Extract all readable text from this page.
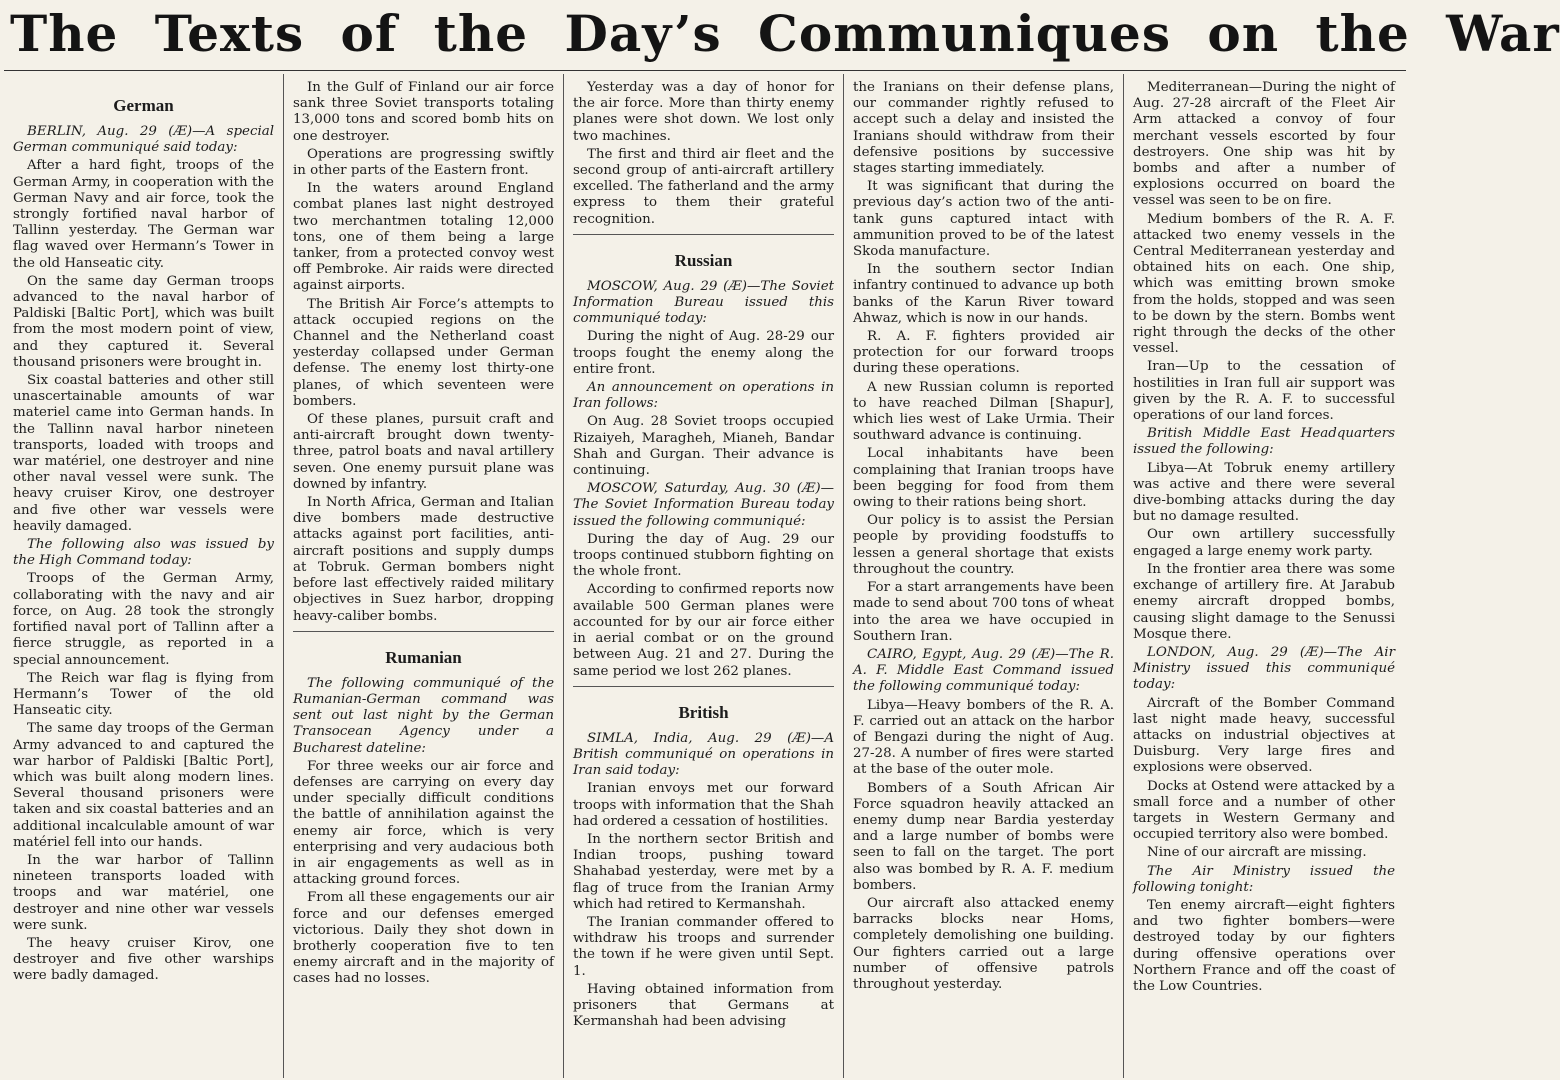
The Texts of the Day’s Communiques on the War
German

BERLIN, Aug. 29 (Æ)—A special German communiqué said today:

After a hard fight, troops of the German Army, in cooperation with the German Navy and air force, took the strongly fortified naval harbor of Tallinn yesterday. The German war flag waved over Hermann’s Tower in the old Hanseatic city.

On the same day German troops advanced to the naval harbor of Paldiski [Baltic Port], which was built from the most modern point of view, and they captured it. Several thousand prisoners were brought in.

Six coastal batteries and other still unascertainable amounts of war materiel came into German hands. In the Tallinn naval harbor nineteen transports, loaded with troops and war matériel, one destroyer and nine other naval vessel were sunk. The heavy cruiser Kirov, one destroyer and five other war vessels were heavily damaged.

The following also was issued by the High Command today:

Troops of the German Army, collaborating with the navy and air force, on Aug. 28 took the strongly fortified naval port of Tallinn after a fierce struggle, as reported in a special announcement.

The Reich war flag is flying from Hermann’s Tower of the old Hanseatic city.

The same day troops of the German Army advanced to and captured the war harbor of Paldiski [Baltic Port], which was built along modern lines. Several thousand prisoners were taken and six coastal batteries and an additional incalculable amount of war matériel fell into our hands.

In the war harbor of Tallinn nineteen transports loaded with troops and war matériel, one destroyer and nine other war vessels were sunk.

The heavy cruiser Kirov, one destroyer and five other warships were badly damaged.

In the Gulf of Finland our air force sank three Soviet transports totaling 13,000 tons and scored bomb hits on one destroyer.

Operations are progressing swiftly in other parts of the Eastern front.

In the waters around England combat planes last night destroyed two merchantmen totaling 12,000 tons, one of them being a large tanker, from a protected convoy west off Pembroke. Air raids were directed against airports.

The British Air Force’s attempts to attack occupied regions on the Channel and the Netherland coast yesterday collapsed under German defense. The enemy lost thirty-one planes, of which seventeen were bombers.

Of these planes, pursuit craft and anti-aircraft brought down twenty-three, patrol boats and naval artillery seven. One enemy pursuit plane was downed by infantry.

In North Africa, German and Italian dive bombers made destructive attacks against port facilities, anti-aircraft positions and supply dumps at Tobruk. German bombers night before last effectively raided military objectives in Suez harbor, dropping heavy-caliber bombs.

Rumanian

The following communiqué of the Rumanian-German command was sent out last night by the German Transocean Agency under a Bucharest dateline:

For three weeks our air force and defenses are carrying on every day under specially difficult conditions the battle of annihilation against the enemy air force, which is very enterprising and very audacious both in air engagements as well as in attacking ground forces.

From all these engagements our air force and our defenses emerged victorious. Daily they shot down in brotherly cooperation five to ten enemy aircraft and in the majority of cases had no losses.

Yesterday was a day of honor for the air force. More than thirty enemy planes were shot down. We lost only two machines.

The first and third air fleet and the second group of anti-aircraft artillery excelled. The fatherland and the army express to them their grateful recognition.

Russian

MOSCOW, Aug. 29 (Æ)—The Soviet Information Bureau issued this communiqué today:

During the night of Aug. 28-29 our troops fought the enemy along the entire front.

An announcement on operations in Iran follows:

On Aug. 28 Soviet troops occupied Rizaiyeh, Maragheh, Mianeh, Bandar Shah and Gurgan. Their advance is continuing.

MOSCOW, Saturday, Aug. 30 (Æ)—The Soviet Information Bureau today issued the following communiqué:

During the day of Aug. 29 our troops continued stubborn fighting on the whole front.

According to confirmed reports now available 500 German planes were accounted for by our air force either in aerial combat or on the ground between Aug. 21 and 27. During the same period we lost 262 planes.

British

SIMLA, India, Aug. 29 (Æ)—A British communiqué on operations in Iran said today:

Iranian envoys met our forward troops with information that the Shah had ordered a cessation of hostilities.

In the northern sector British and Indian troops, pushing toward Shahabad yesterday, were met by a flag of truce from the Iranian Army which had retired to Kermanshah.

The Iranian commander offered to withdraw his troops and surrender the town if he were given until Sept. 1.

Having obtained information from prisoners that Germans at Kermanshah had been advising

the Iranians on their defense plans, our commander rightly refused to accept such a delay and insisted the Iranians should withdraw from their defensive positions by successive stages starting immediately.

It was significant that during the previous day’s action two of the anti-tank guns captured intact with ammunition proved to be of the latest Skoda manufacture.

In the southern sector Indian infantry continued to advance up both banks of the Karun River toward Ahwaz, which is now in our hands.

R. A. F. fighters provided air protection for our forward troops during these operations.

A new Russian column is reported to have reached Dilman [Shapur], which lies west of Lake Urmia. Their southward advance is continuing.

Local inhabitants have been complaining that Iranian troops have been begging for food from them owing to their rations being short.

Our policy is to assist the Persian people by providing foodstuffs to lessen a general shortage that exists throughout the country.

For a start arrangements have been made to send about 700 tons of wheat into the area we have occupied in Southern Iran.

CAIRO, Egypt, Aug. 29 (Æ)—The R. A. F. Middle East Command issued the following communiqué today:

Libya—Heavy bombers of the R. A. F. carried out an attack on the harbor of Bengazi during the night of Aug. 27-28. A number of fires were started at the base of the outer mole.

Bombers of a South African Air Force squadron heavily attacked an enemy dump near Bardia yesterday and a large number of bombs were seen to fall on the target. The port also was bombed by R. A. F. medium bombers.

Our aircraft also attacked enemy barracks blocks near Homs, completely demolishing one building. Our fighters carried out a large number of offensive patrols throughout yesterday.

Mediterranean—During the night of Aug. 27-28 aircraft of the Fleet Air Arm attacked a convoy of four merchant vessels escorted by four destroyers. One ship was hit by bombs and after a number of explosions occurred on board the vessel was seen to be on fire.

Medium bombers of the R. A. F. attacked two enemy vessels in the Central Mediterranean yesterday and obtained hits on each. One ship, which was emitting brown smoke from the holds, stopped and was seen to be down by the stern. Bombs went right through the decks of the other vessel.

Iran—Up to the cessation of hostilities in Iran full air support was given by the R. A. F. to successful operations of our land forces.

British Middle East Headquarters issued the following:

Libya—At Tobruk enemy artillery was active and there were several dive-bombing attacks during the day but no damage resulted.

Our own artillery successfully engaged a large enemy work party.

In the frontier area there was some exchange of artillery fire. At Jarabub enemy aircraft dropped bombs, causing slight damage to the Senussi Mosque there.

LONDON, Aug. 29 (Æ)—The Air Ministry issued this communiqué today:

Aircraft of the Bomber Command last night made heavy, successful attacks on industrial objectives at Duisburg. Very large fires and explosions were observed.

Docks at Ostend were attacked by a small force and a number of other targets in Western Germany and occupied territory also were bombed.

Nine of our aircraft are missing.

The Air Ministry issued the following tonight:

Ten enemy aircraft—eight fighters and two fighter bombers—were destroyed today by our fighters during offensive operations over Northern France and off the coast of the Low Countries.
